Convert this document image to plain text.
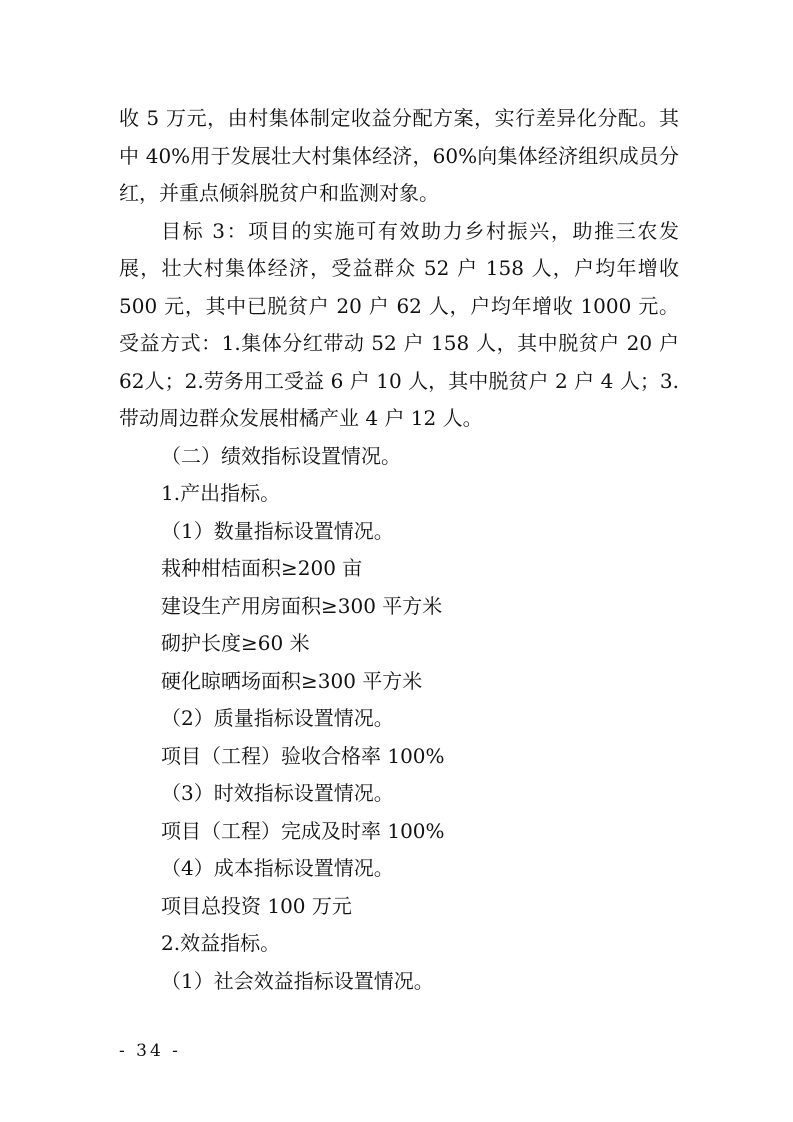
收 5 万元，由村集体制定收益分配方案，实行差异化分配。其中 40%用于发展壮大村集体经济，60%向集体经济组织成员分红，并重点倾斜脱贫户和监测对象。

目标 3：项目的实施可有效助力乡村振兴，助推三农发展，壮大村集体经济，受益群众 52 户 158 人，户均年增收500 元，其中已脱贫户 20 户 62 人，户均年增收 1000 元。受益方式：1.集体分红带动 52 户 158 人，其中脱贫户 20 户 62人；2.劳务用工受益 6 户 10 人，其中脱贫户 2 户 4 人；3.带动周边群众发展柑橘产业 4 户 12 人。

（二）绩效指标设置情况。

1.产出指标。

（1）数量指标设置情况。

栽种柑桔面积≥200 亩

建设生产用房面积≥300 平方米

砌护长度≥60 米

硬化晾晒场面积≥300 平方米

（2）质量指标设置情况。

项目（工程）验收合格率 100%

（3）时效指标设置情况。

项目（工程）完成及时率 100%

（4）成本指标设置情况。

项目总投资 100 万元

2.效益指标。

（1）社会效益指标设置情况。

- 34 -
